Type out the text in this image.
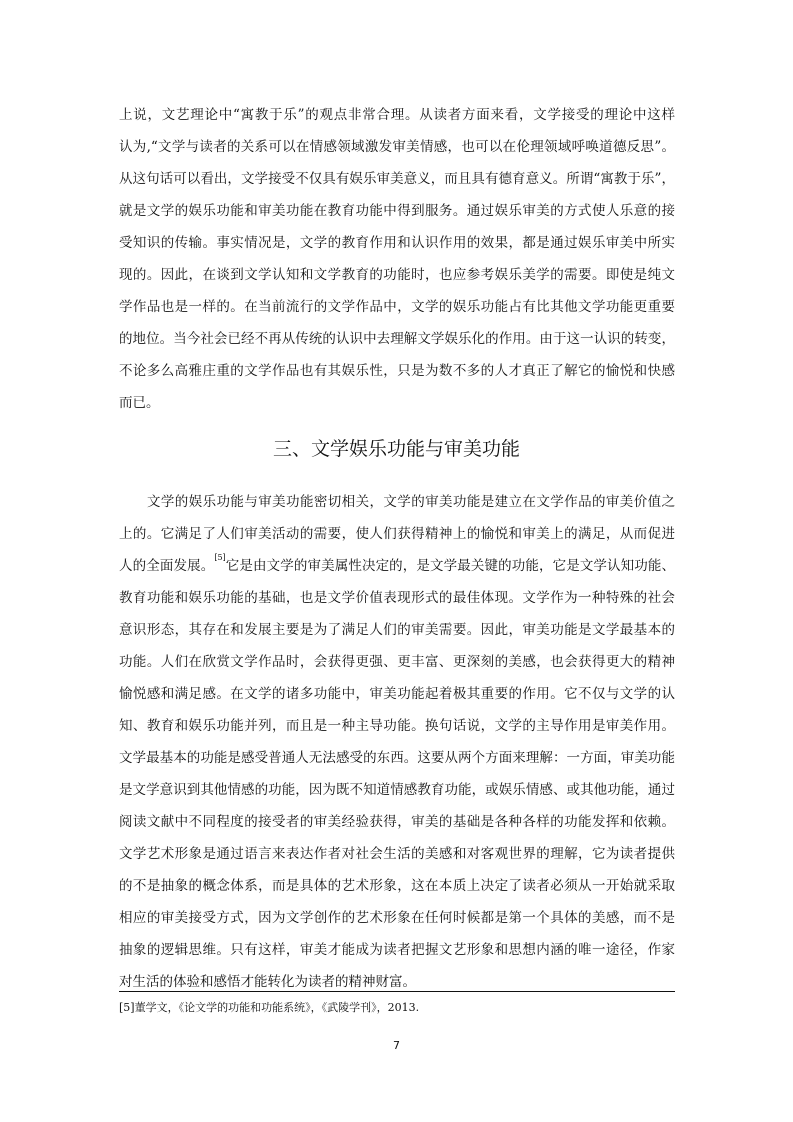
上说，文艺理论中“寓教于乐”的观点非常合理。从读者方面来看，文学接受的理论中这样
认为,“文学与读者的关系可以在情感领域激发审美情感，也可以在伦理领域呼唤道德反思”。
从这句话可以看出，文学接受不仅具有娱乐审美意义，而且具有德育意义。所谓“寓教于乐”，
就是文学的娱乐功能和审美功能在教育功能中得到服务。通过娱乐审美的方式使人乐意的接
受知识的传输。事实情况是，文学的教育作用和认识作用的效果，都是通过娱乐审美中所实
现的。因此，在谈到文学认知和文学教育的功能时，也应参考娱乐美学的需要。即使是纯文
学作品也是一样的。在当前流行的文学作品中，文学的娱乐功能占有比其他文学功能更重要
的地位。当今社会已经不再从传统的认识中去理解文学娱乐化的作用。由于这一认识的转变，
不论多么高雅庄重的文学作品也有其娱乐性，只是为数不多的人才真正了解它的愉悦和快感
而已。
三、文学娱乐功能与审美功能
文学的娱乐功能与审美功能密切相关，文学的审美功能是建立在文学作品的审美价值之
上的。它满足了人们审美活动的需要，使人们获得精神上的愉悦和审美上的满足，从而促进
人的全面发展。[5]它是由文学的审美属性决定的，是文学最关键的功能，它是文学认知功能、
教育功能和娱乐功能的基础，也是文学价值表现形式的最佳体现。文学作为一种特殊的社会
意识形态，其存在和发展主要是为了满足人们的审美需要。因此，审美功能是文学最基本的
功能。人们在欣赏文学作品时，会获得更强、更丰富、更深刻的美感，也会获得更大的精神
愉悦感和满足感。在文学的诸多功能中，审美功能起着极其重要的作用。它不仅与文学的认
知、教育和娱乐功能并列，而且是一种主导功能。换句话说，文学的主导作用是审美作用。
文学最基本的功能是感受普通人无法感受的东西。这要从两个方面来理解：一方面，审美功能
是文学意识到其他情感的功能，因为既不知道情感教育功能，或娱乐情感、或其他功能，通过
阅读文献中不同程度的接受者的审美经验获得，审美的基础是各种各样的功能发挥和依赖。
文学艺术形象是通过语言来表达作者对社会生活的美感和对客观世界的理解，它为读者提供
的不是抽象的概念体系，而是具体的艺术形象，这在本质上决定了读者必须从一开始就采取
相应的审美接受方式，因为文学创作的艺术形象在任何时候都是第一个具体的美感，而不是
抽象的逻辑思维。只有这样，审美才能成为读者把握文艺形象和思想内涵的唯一途径，作家
对生活的体验和感悟才能转化为读者的精神财富。
[5]董学文，《论文学的功能和功能系统》，《武陵学刊》，2013.
7
